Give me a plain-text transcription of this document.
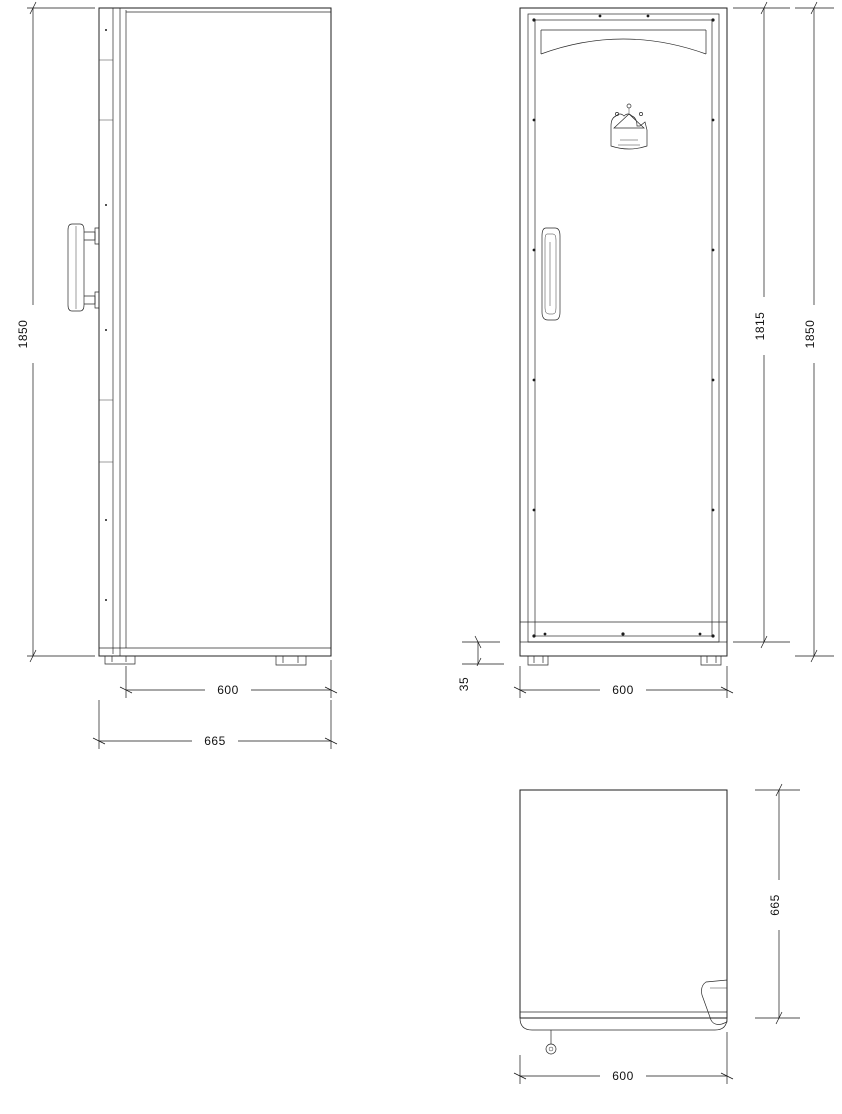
1850
600
665
1815	1850
35	600
665
600
